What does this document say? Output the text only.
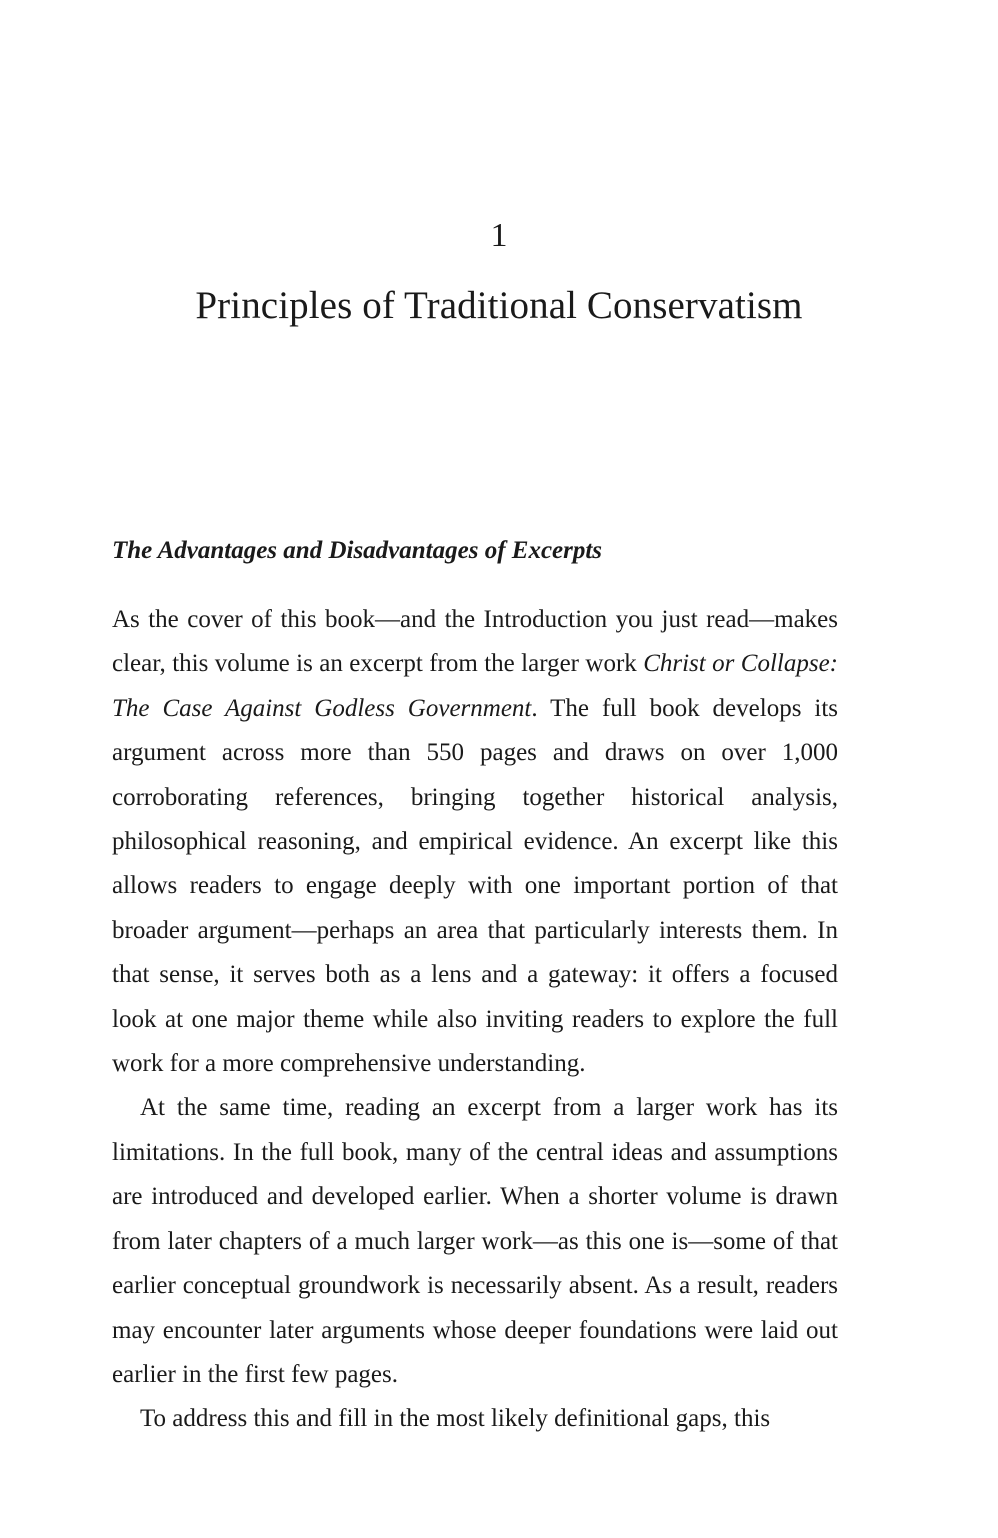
1
Principles of Traditional Conservatism
The Advantages and Disadvantages of Excerpts

As the cover of this book—and the Introduction you just read—makes clear, this volume is an excerpt from the larger work Christ or Collapse: The Case Against Godless Government. The full book develops its argument across more than 550 pages and draws on over 1,000 corroborating references, bringing together historical analysis, philosophical reasoning, and empirical evidence. An excerpt like this allows readers to engage deeply with one important portion of that broader argument—perhaps an area that particularly interests them. In that sense, it serves both as a lens and a gateway: it offers a focused look at one major theme while also inviting readers to explore the full work for a more comprehensive understanding.

At the same time, reading an excerpt from a larger work has its limitations. In the full book, many of the central ideas and assumptions are introduced and developed earlier. When a shorter volume is drawn from later chapters of a much larger work—as this one is—some of that earlier conceptual groundwork is necessarily absent. As a result, readers may encounter later arguments whose deeper foundations were laid out earlier in the first few pages.

To address this and fill in the most likely definitional gaps, this
